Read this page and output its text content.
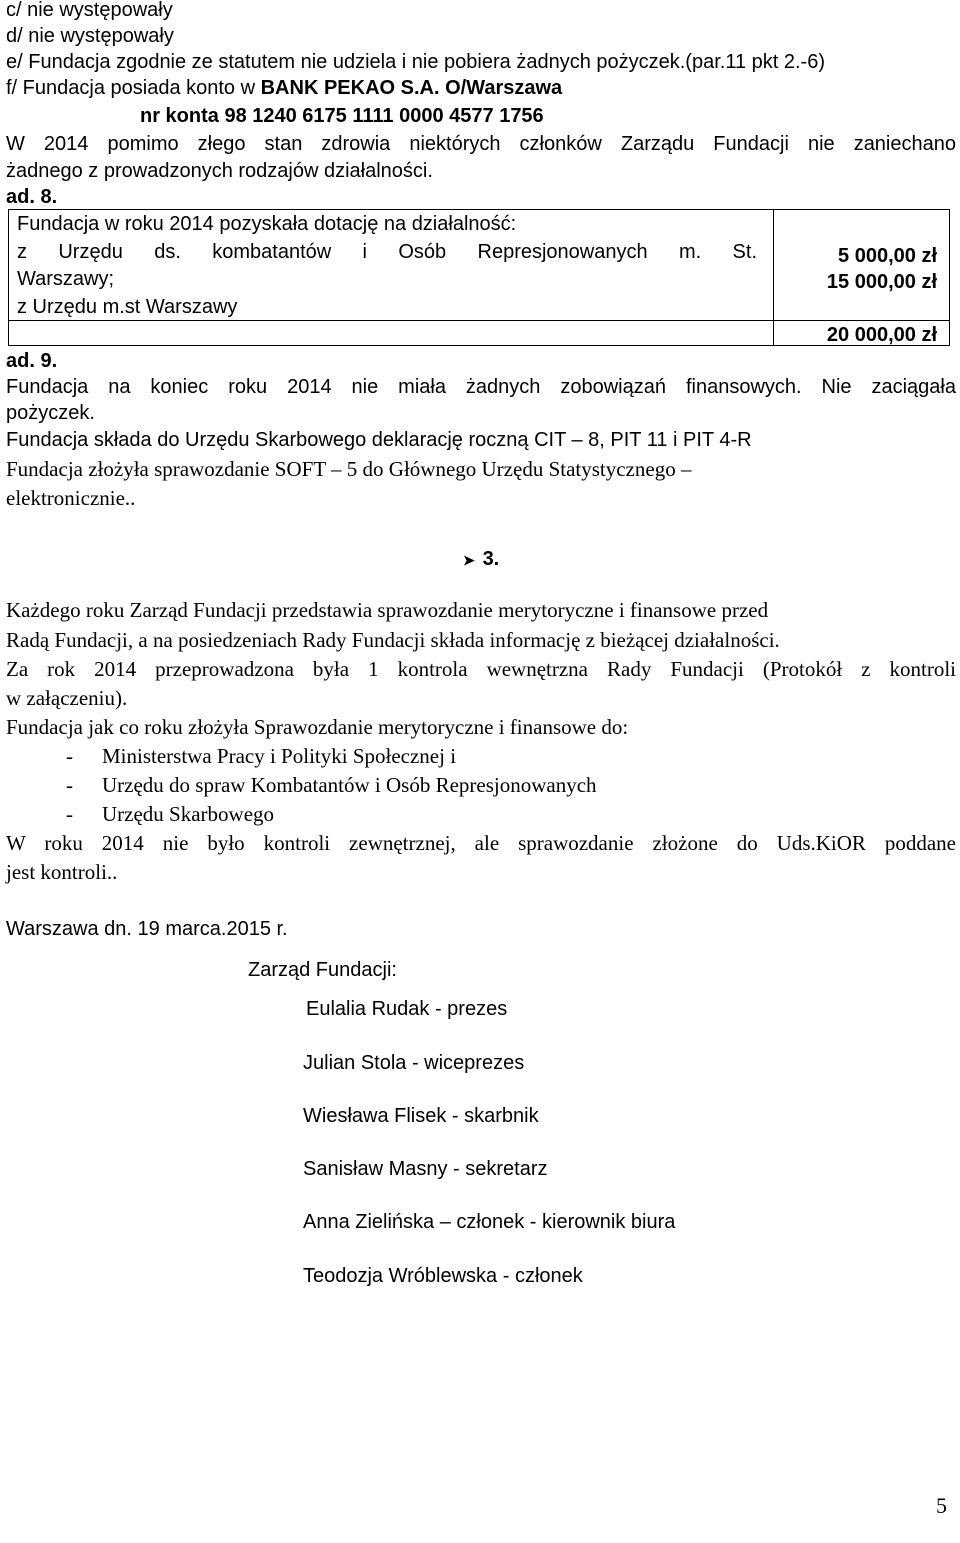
c/ nie występowały
d/ nie występowały
e/ Fundacja zgodnie ze statutem nie udziela i nie pobiera żadnych pożyczek.(par.11 pkt 2.-6)
f/ Fundacja posiada konto w BANK PEKAO S.A. O/Warszawa
nr konta 98 1240 6175 1111 0000 4577 1756
W 2014 pomimo złego stan zdrowia niektórych członków Zarządu Fundacji nie zaniechano
żadnego z prowadzonych rodzajów działalności.
ad. 8.
Fundacja w roku 2014 pozyskała dotację na działalność:
z Urzędu ds. kombatantów i Osób Represjonowanych m. St.
Warszawy;
z Urzędu m.st Warszawy
5 000,00 zł
15 000,00 zł
20 000,00 zł
ad. 9.
Fundacja na koniec roku 2014 nie miała żadnych zobowiązań finansowych. Nie zaciągała
pożyczek.
Fundacja składa do Urzędu Skarbowego deklarację roczną CIT – 8, PIT 11 i PIT 4-R
Fundacja złożyła sprawozdanie SOFT – 5 do Głównego Urzędu Statystycznego –
elektronicznie..
➤ 3.
Każdego roku Zarząd Fundacji przedstawia sprawozdanie merytoryczne i finansowe przed
Radą Fundacji, a na posiedzeniach Rady Fundacji składa informację z bieżącej działalności.
Za rok 2014 przeprowadzona była 1 kontrola wewnętrzna Rady Fundacji (Protokół z kontroli
w załączeniu).
Fundacja jak co roku złożyła Sprawozdanie merytoryczne i finansowe do:
- Ministerstwa Pracy i Polityki Społecznej i
- Urzędu do spraw Kombatantów i Osób Represjonowanych
- Urzędu Skarbowego
W roku 2014 nie było kontroli zewnętrznej, ale sprawozdanie złożone do Uds.KiOR poddane
jest kontroli..
Warszawa dn. 19 marca.2015 r.
Zarząd Fundacji:
Eulalia Rudak - prezes
Julian Stola - wiceprezes
Wiesława Flisek - skarbnik
Sanisław Masny - sekretarz
Anna Zielińska – członek - kierownik biura
Teodozja Wróblewska - członek
5
